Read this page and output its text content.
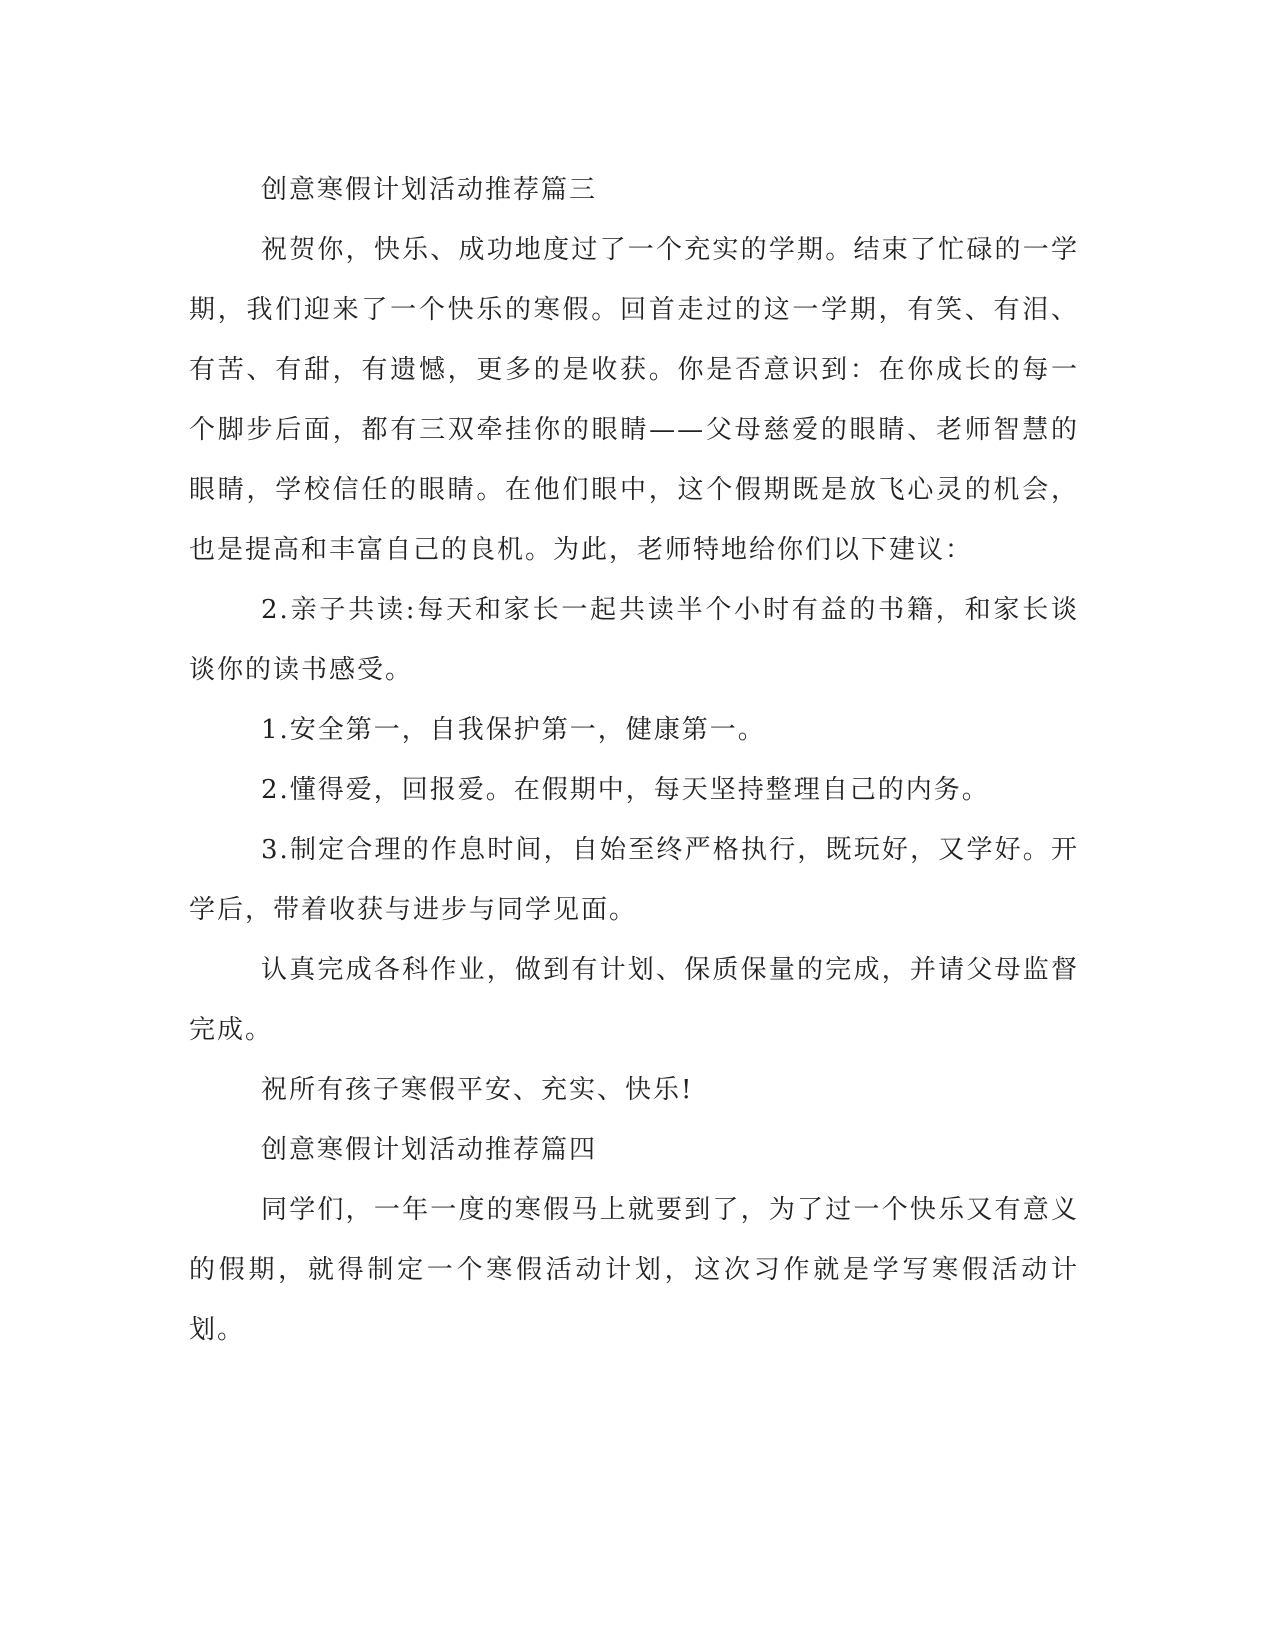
创意寒假计划活动推荐篇三

祝贺你，快乐、成功地度过了一个充实的学期。结束了忙碌的一学期，我们迎来了一个快乐的寒假。回首走过的这一学期，有笑、有泪、有苦、有甜，有遗憾，更多的是收获。你是否意识到：在你成长的每一个脚步后面，都有三双牵挂你的眼睛——父母慈爱的眼睛、老师智慧的眼睛，学校信任的眼睛。在他们眼中，这个假期既是放飞心灵的机会，也是提高和丰富自己的良机。为此，老师特地给你们以下建议：

2.亲子共读:每天和家长一起共读半个小时有益的书籍，和家长谈谈你的读书感受。

1.安全第一，自我保护第一，健康第一。

2.懂得爱，回报爱。在假期中，每天坚持整理自己的内务。

3.制定合理的作息时间，自始至终严格执行，既玩好，又学好。开学后，带着收获与进步与同学见面。

认真完成各科作业，做到有计划、保质保量的完成，并请父母监督完成。

祝所有孩子寒假平安、充实、快乐!

创意寒假计划活动推荐篇四

同学们，一年一度的寒假马上就要到了，为了过一个快乐又有意义的假期，就得制定一个寒假活动计划，这次习作就是学写寒假活动计划。
